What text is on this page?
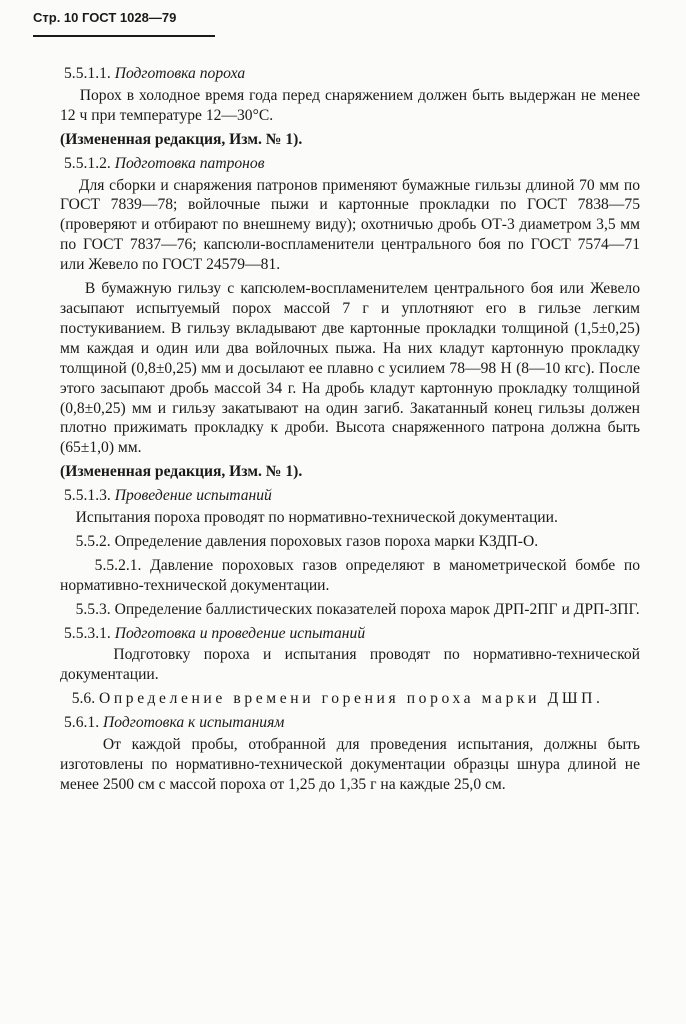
Стр. 10 ГОСТ 1028—79
5.5.1.1. Подготовка пороха

Порох в холодное время года перед снаряжением должен быть выдержан не менее 12 ч при температуре 12—30°С.

(Измененная редакция, Изм. № 1).
5.5.1.2. Подготовка патронов

Для сборки и снаряжения патронов применяют бумажные гильзы длиной 70 мм по ГОСТ 7839—78; войлочные пыжи и картонные прокладки по ГОСТ 7838—75 (проверяют и отбирают по внешнему виду); охотничью дробь ОТ-3 диаметром 3,5 мм по ГОСТ 7837—76; капсюли-воспламенители центрального боя по ГОСТ 7574—71 или Жевело по ГОСТ 24579—81.

В бумажную гильзу с капсюлем-воспламенителем центрального боя или Жевело засыпают испытуемый порох массой 7 г и уплотняют его в гильзе легким постукиванием. В гильзу вкладывают две картонные прокладки толщиной (1,5±0,25) мм каждая и один или два войлочных пыжа. На них кладут картонную прокладку толщиной (0,8±0,25) мм и досылают ее плавно с усилием 78—98 Н (8—10 кгс). После этого засыпают дробь массой 34 г. На дробь кладут картонную прокладку толщиной (0,8±0,25) мм и гильзу закатывают на один загиб. Закатанный конец гильзы должен плотно прижимать прокладку к дроби. Высота снаряженного патрона должна быть (65±1,0) мм.

(Измененная редакция, Изм. № 1).
5.5.1.3. Проведение испытаний

Испытания пороха проводят по нормативно-технической документации.

5.5.2. Определение давления пороховых газов пороха марки КЗДП-О.

5.5.2.1. Давление пороховых газов определяют в манометрической бомбе по нормативно-технической документации.

5.5.3. Определение баллистических показателей пороха марок ДРП-2ПГ и ДРП-3ПГ.

5.5.3.1. Подготовка и проведение испытаний

Подготовку пороха и испытания проводят по нормативно-технической документации.

5.6. Определение времени горения пороха марки ДШП.

5.6.1. Подготовка к испытаниям

От каждой пробы, отобранной для проведения испытания, должны быть изготовлены по нормативно-технической документации образцы шнура длиной не менее 2500 см с массой пороха от 1,25 до 1,35 г на каждые 25,0 см.
